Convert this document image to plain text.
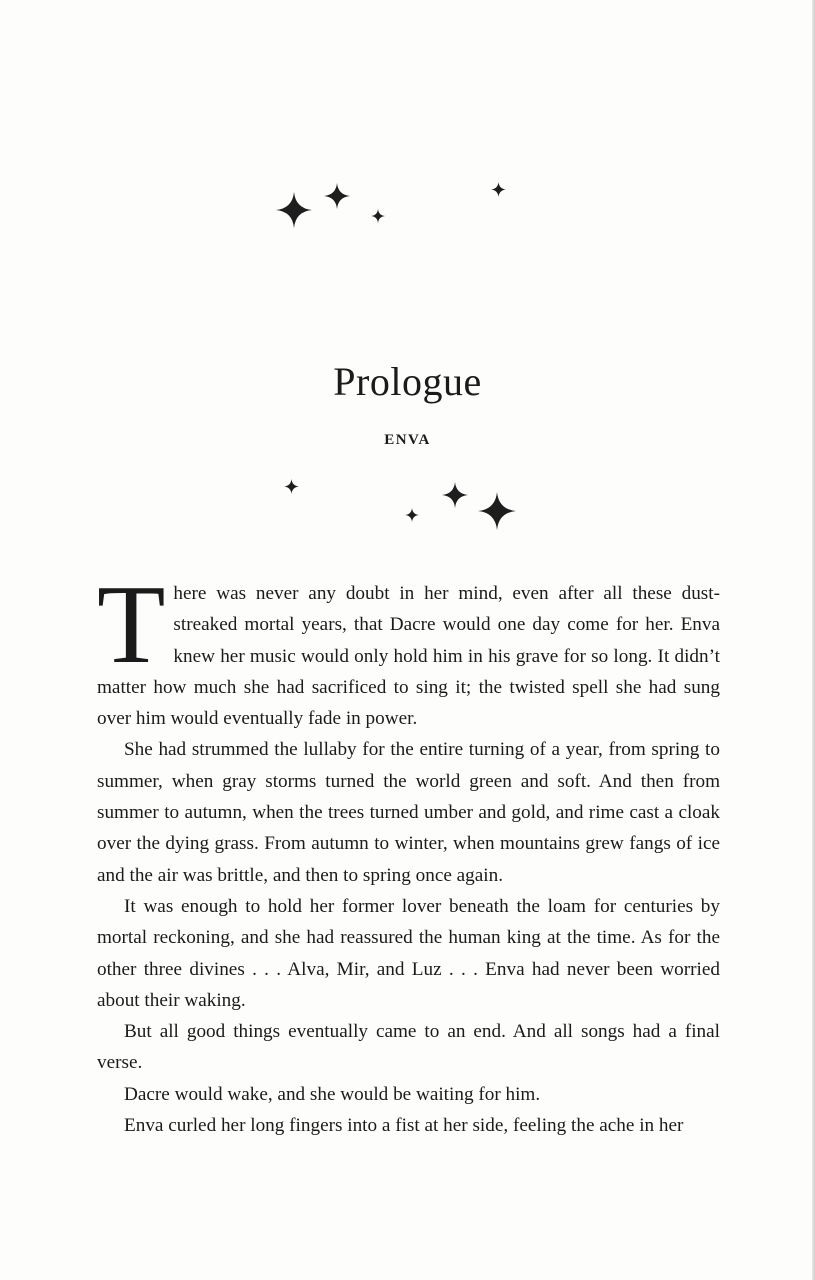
Prologue
ENVA

There was never any doubt in her mind, even after all these dust-streaked mortal years, that Dacre would one day come for her. Enva knew her music would only hold him in his grave for so long. It didn’t matter how much she had sacrificed to sing it; the twisted spell she had sung over him would eventually fade in power.

She had strummed the lullaby for the entire turning of a year, from spring to summer, when gray storms turned the world green and soft. And then from summer to autumn, when the trees turned umber and gold, and rime cast a cloak over the dying grass. From autumn to winter, when mountains grew fangs of ice and the air was brittle, and then to spring once again.

It was enough to hold her former lover beneath the loam for centuries by mortal reckoning, and she had reassured the human king at the time. As for the other three divines . . . Alva, Mir, and Luz . . . Enva had never been worried about their waking.

But all good things eventually came to an end. And all songs had a final verse.

Dacre would wake, and she would be waiting for him.

Enva curled her long fingers into a fist at her side, feeling the ache in her
